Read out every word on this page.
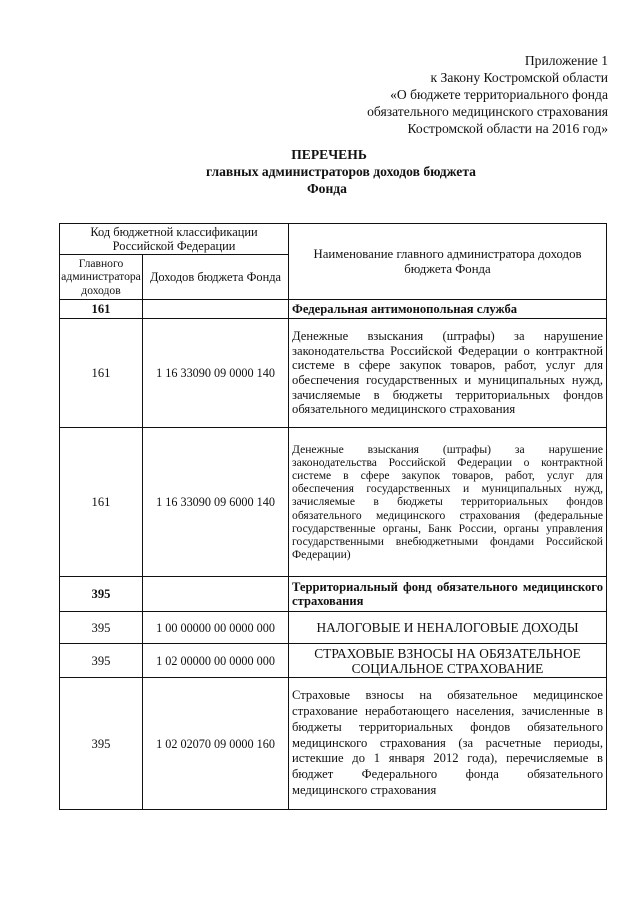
Приложение 1
к Закону Костромской области
«О бюджете территориального фонда
обязательного медицинского страхования
Костромской области на 2016 год»
ПЕРЕЧЕНЬ
главных администраторов доходов бюджета
Фонда
Код бюджетной классификации Российской Федерации		Наименование главного администратора доходов бюджета Фонда
Главного администратора доходов	Доходов бюджета Фонда	
161		Федеральная антимонопольная служба
161	1 16 33090 09 0000 140	Денежные взыскания (штрафы) за нарушение законодательства Российской Федерации о контрактной системе в сфере закупок товаров, работ, услуг для обеспечения государственных и муниципальных нужд, зачисляемые в бюджеты территориальных фондов обязательного медицинского страхования
161	1 16 33090 09 6000 140	Денежные взыскания (штрафы) за нарушение законодательства Российской Федерации о контрактной системе в сфере закупок товаров, работ, услуг для обеспечения государственных и муниципальных нужд, зачисляемые в бюджеты территориальных фондов обязательного медицинского страхования (федеральные государственные органы, Банк России, органы управления государственными внебюджетными фондами Российской Федерации)
395		Территориальный фонд обязательного медицинского страхования
395	1 00 00000 00 0000 000	НАЛОГОВЫЕ И НЕНАЛОГОВЫЕ ДОХОДЫ
395	1 02 00000 00 0000 000	СТРАХОВЫЕ ВЗНОСЫ НА ОБЯЗАТЕЛЬНОЕ СОЦИАЛЬНОЕ СТРАХОВАНИЕ
395	1 02 02070 09 0000 160	Страховые взносы на обязательное медицинское страхование неработающего населения, зачисленные в бюджеты территориальных фондов обязательного медицинского страхования (за расчетные периоды, истекшие до 1 января 2012 года), перечисляемые в бюджет Федерального фонда обязательного медицинского страхования
